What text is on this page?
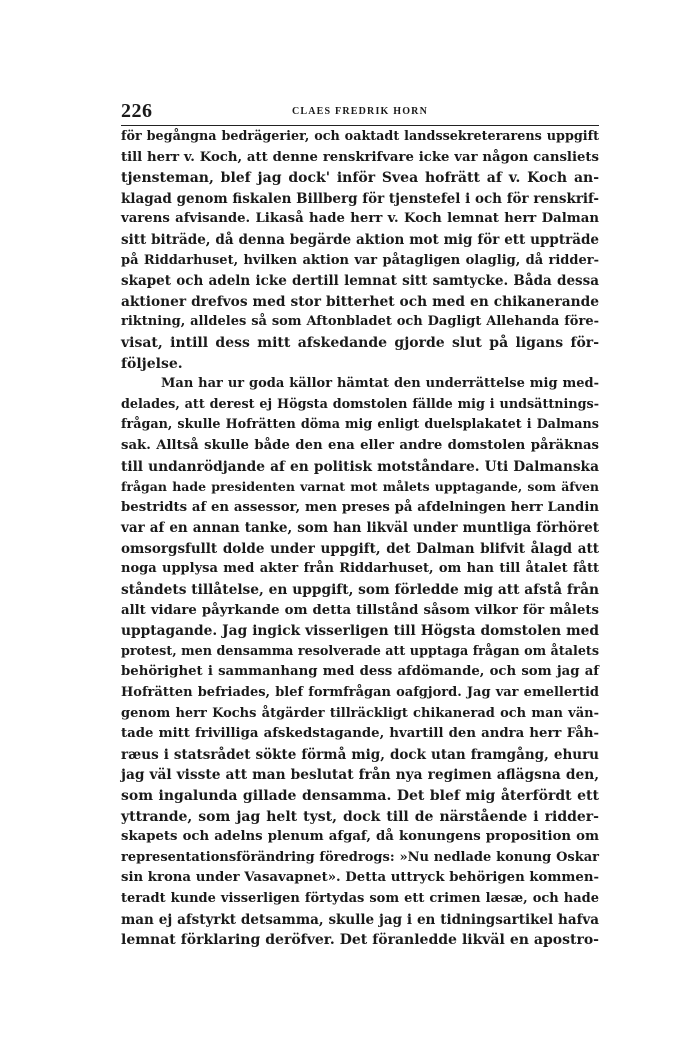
226	CLAES FREDRIK HORN
för begångna bedrägerier, och oaktadt landssekreterarens uppgift
till herr v. Koch, att denne renskrifvare icke var någon cansliets
tjensteman, blef jag dock' inför Svea hofrätt af v. Koch an-
klagad genom fiskalen Billberg för tjenstefel i och för renskrif-
varens afvisande. Likaså hade herr v. Koch lemnat herr Dalman
sitt biträde, då denna begärde aktion mot mig för ett uppträde
på Riddarhuset, hvilken aktion var påtagligen olaglig, då ridder-
skapet och adeln icke dertill lemnat sitt samtycke. Båda dessa
aktioner drefvos med stor bitterhet och med en chikanerande
riktning, alldeles så som Aftonbladet och Dagligt Allehanda före-
visat, intill dess mitt afskedande gjorde slut på ligans för-
följelse.
Man har ur goda källor hämtat den underrättelse mig med-
delades, att derest ej Högsta domstolen fällde mig i undsättnings-
frågan, skulle Hofrätten döma mig enligt duelsplakatet i Dalmans
sak. Alltså skulle både den ena eller andre domstolen påräknas
till undanrödjande af en politisk motståndare. Uti Dalmanska
frågan hade presidenten varnat mot målets upptagande, som äfven
bestridts af en assessor, men preses på afdelningen herr Landin
var af en annan tanke, som han likväl under muntliga förhöret
omsorgsfullt dolde under uppgift, det Dalman blifvit ålagd att
noga upplysa med akter från Riddarhuset, om han till åtalet fått
ståndets tillåtelse, en uppgift, som förledde mig att afstå från
allt vidare påyrkande om detta tillstånd såsom vilkor för målets
upptagande. Jag ingick visserligen till Högsta domstolen med
protest, men densamma resolverade att upptaga frågan om åtalets
behörighet i sammanhang med dess afdömande, och som jag af
Hofrätten befriades, blef formfrågan oafgjord. Jag var emellertid
genom herr Kochs åtgärder tillräckligt chikanerad och man vän-
tade mitt frivilliga afskedstagande, hvartill den andra herr Fåh-
ræus i statsrådet sökte förmå mig, dock utan framgång, ehuru
jag väl visste att man beslutat från nya regimen aflägsna den,
som ingalunda gillade densamma. Det blef mig återfördt ett
yttrande, som jag helt tyst, dock till de närstående i ridder-
skapets och adelns plenum afgaf, då konungens proposition om
representationsförändring föredrogs: »Nu nedlade konung Oskar
sin krona under Vasavapnet». Detta uttryck behörigen kommen-
teradt kunde visserligen förtydas som ett crimen læsæ, och hade
man ej afstyrkt detsamma, skulle jag i en tidningsartikel hafva
lemnat förklaring deröfver. Det föranledde likväl en apostro-
